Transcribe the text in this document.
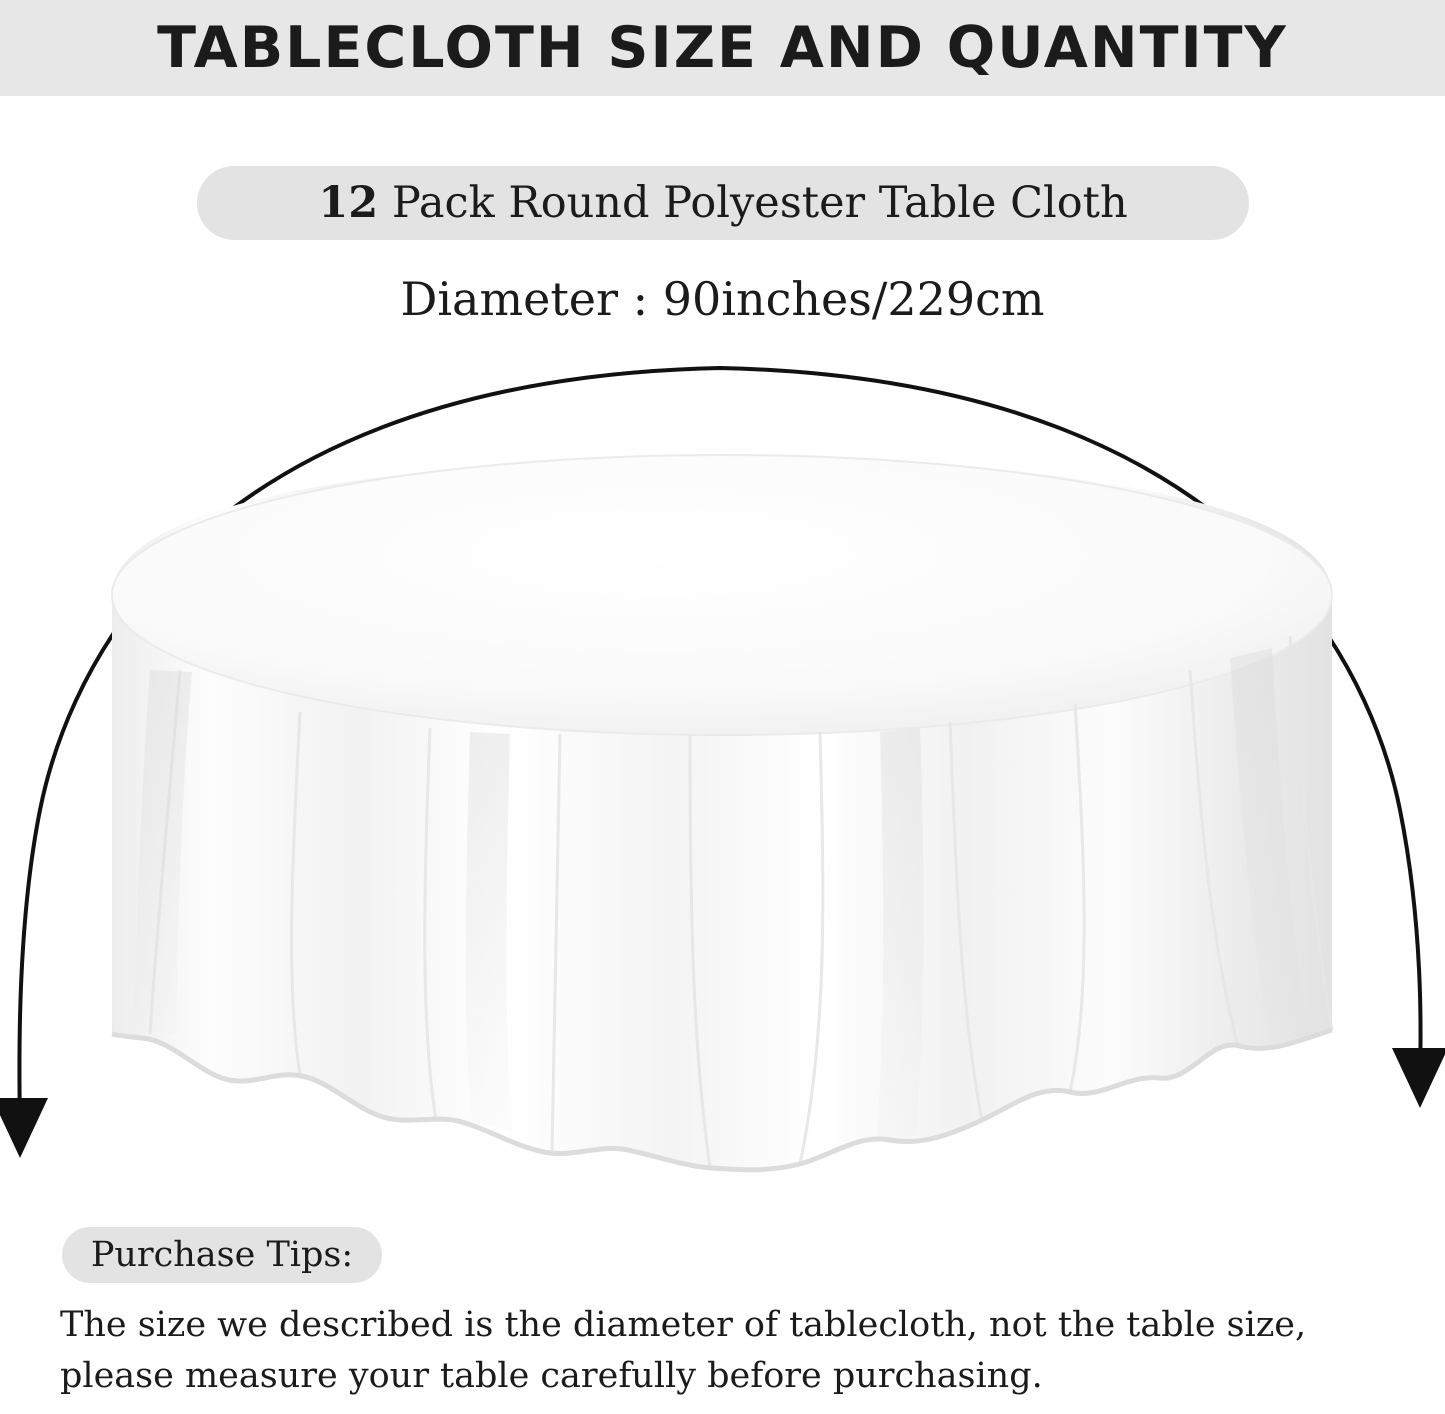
TABLECLOTH SIZE AND QUANTITY
12 Pack Round Polyester Table Cloth
Diameter : 90inches/229cm
Purchase Tips:
The size we described is the diameter of tablecloth, not the table size, please measure your table carefully before purchasing.
